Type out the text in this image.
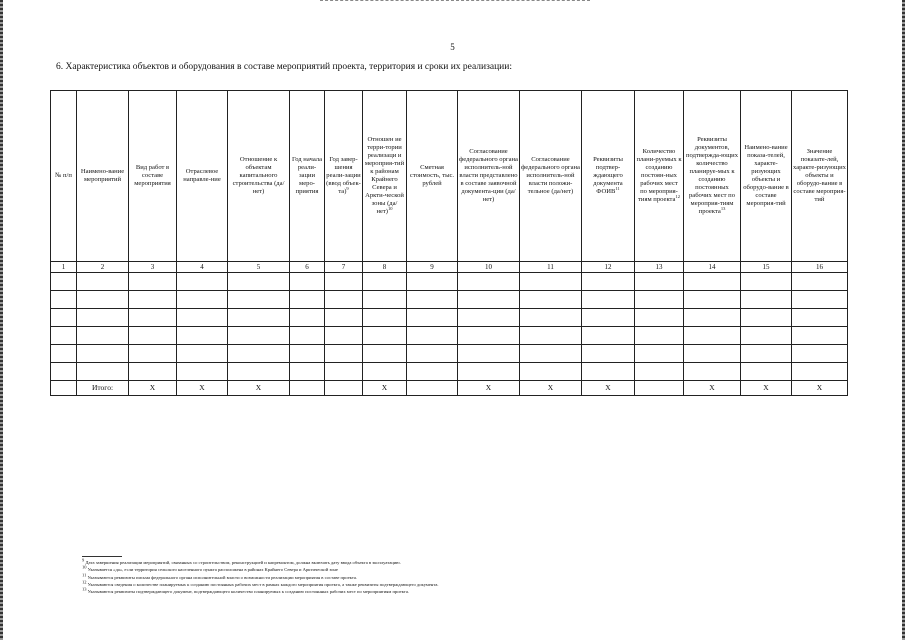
5
6. Характеристика объектов и оборудования в составе мероприятий проекта, территория и сроки их реализации:
№ п/п	Наимено-вание мероприятий	Вид работ в составе мероприятия	Отраслевое направле-ние	Отношение к объектам капитального строительства (да/нет)	Год начала реали-зации меро-приятия	Год завер-шения реали-зации (ввод объек-та)$^9$	Отношен ие терри-тории реализаци и мероприя-тий к районам Крайнего Севера и Аркти-ческой зоны $(да/нет)^{10}$	Сметная стоимость, тыс. рублей	Согласование федерального органа исполнитель-ной власти представлено в составе заявочной документа-ции (да/нет)	Согласование федерального органа исполнитель-ной власти положи-тельное (да/нет)	Реквизиты подтвер-ждающего документа ФОИВ$^{11}$	Количество плани-руемых к созданию постоян-ных рабочих мест по мероприя-тиям проекта$^{12}$	Реквизиты документов, подтвержда-ющих количество планируе-мых к созданию постоянных рабочих мест по мероприя-тиям проекта$^{13}$	Наимено-вание показа-телей, характе-ризующих объекты и оборудо-вание в составе мероприя-тий	Значение показате-лей, характе-ризующих объекты и оборудо-вание в составе мероприя-тий
1	2	3	4	5	6	7	8	9	10	11	12	13	14	15	16

	Итого:	Х	Х	Х			Х		Х	Х	Х		Х	Х	Х
$^9$ Дата завершения реализации мероприятий, связанных со строительством, реконструкцией и капремонтом, должна включать дату ввода объекта в эксплуатацию.
$^{10}$ Указывается «да», если территория сельского населенного пункта расположена в районах Крайнего Севера и Арктической зоне
$^{11}$ Указываются реквизиты письма федерального органа исполнительной власти о возможности реализации мероприятия в составе проекта.
$^{12}$ Указываются сведения о количестве планируемых к созданию постоянных рабочих мест в рамках каждого мероприятия проекта, а также реквизиты подтверждающего документа.
$^{13}$ Указываются реквизиты подтверждающего документ, подтверждающего количество планируемых к созданию постоянных рабочих мест по мероприятиям проекта.
